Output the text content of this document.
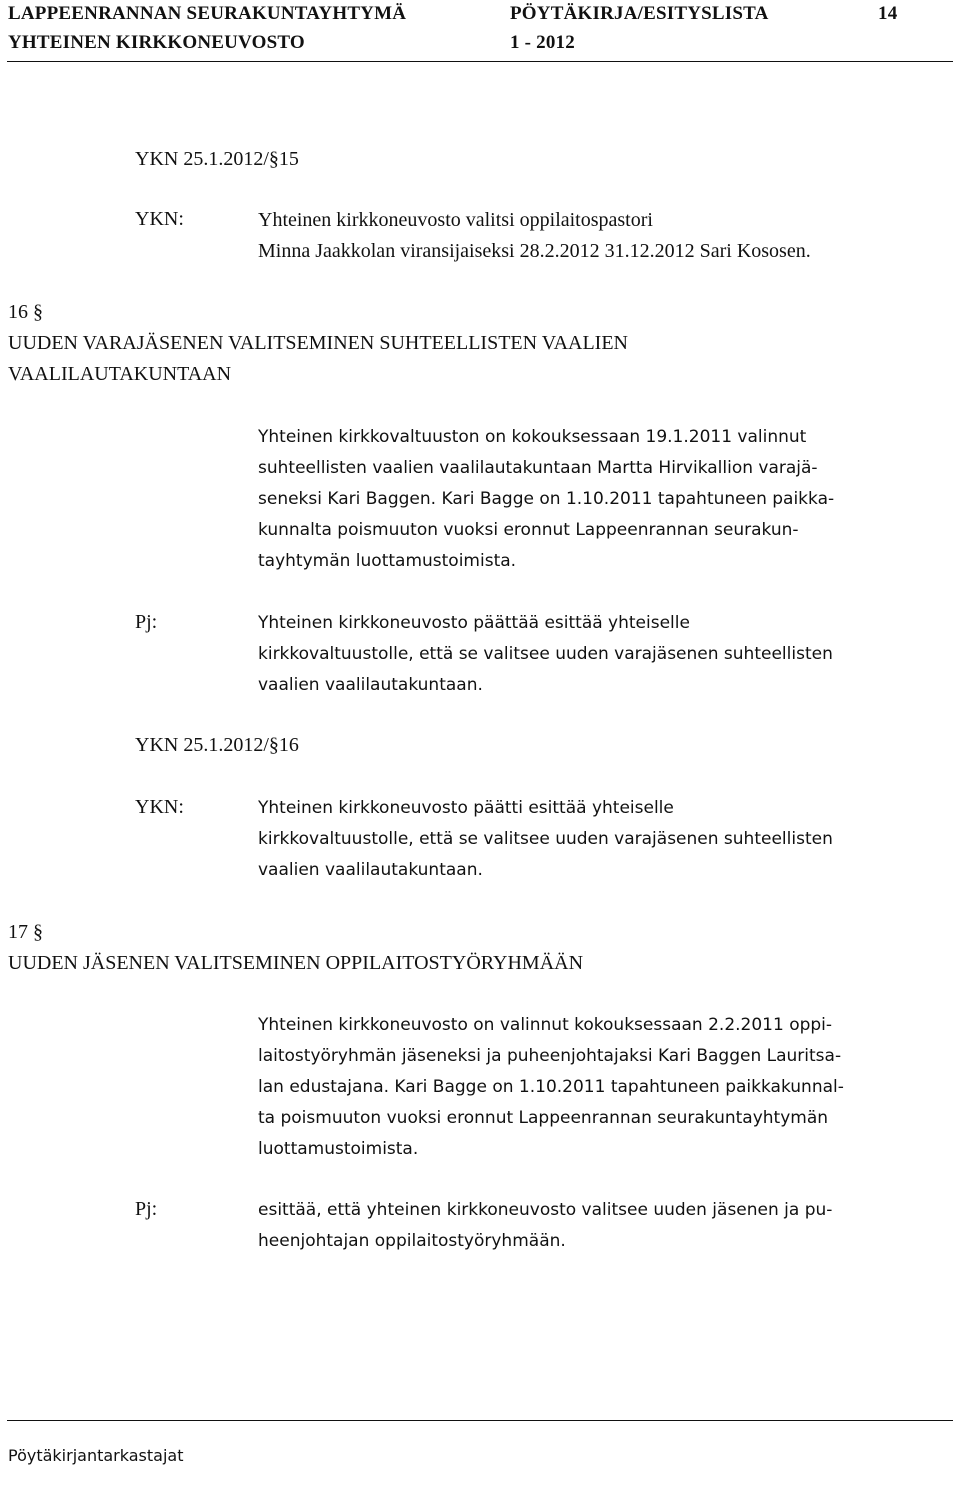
LAPPEENRANNAN SEURAKUNTAYHTYMÄ
YHTEINEN KIRKKONEUVOSTO
PÖYTÄKIRJA/ESITYSLISTA
1 - 2012
14
YKN 25.1.2012/§15
YKN:	Yhteinen kirkkoneuvosto valitsi oppilaitospastori
Minna Jaakkolan viransijaiseksi 28.2.2012 31.12.2012 Sari Kososen.
16 §
UUDEN VARAJÄSENEN VALITSEMINEN SUHTEELLISTEN VAALIEN
VAALILAUTAKUNTAAN
Yhteinen kirkkovaltuuston on kokouksessaan 19.1.2011 valinnut
suhteellisten vaalien vaalilautakuntaan Martta Hirvikallion varajä-
seneksi Kari Baggen. Kari Bagge on 1.10.2011 tapahtuneen paikka-
kunnalta poismuuton vuoksi eronnut Lappeenrannan seurakun-
tayhtymän luottamustoimista.
Pj:	Yhteinen kirkkoneuvosto päättää esittää yhteiselle
kirkkovaltuustolle, että se valitsee uuden varajäsenen suhteellisten
vaalien vaalilautakuntaan.
YKN 25.1.2012/§16
YKN:	Yhteinen kirkkoneuvosto päätti esittää yhteiselle
kirkkovaltuustolle, että se valitsee uuden varajäsenen suhteellisten
vaalien vaalilautakuntaan.
17 §
UUDEN JÄSENEN VALITSEMINEN OPPILAITOSTYÖRYHMÄÄN
Yhteinen kirkkoneuvosto on valinnut kokouksessaan 2.2.2011 oppi-
laitostyöryhmän jäseneksi ja puheenjohtajaksi Kari Baggen Lauritsa-
lan edustajana. Kari Bagge on 1.10.2011 tapahtuneen paikkakunnal-
ta poismuuton vuoksi eronnut Lappeenrannan seurakuntayhtymän
luottamustoimista.
Pj:	esittää, että yhteinen kirkkoneuvosto valitsee uuden jäsenen ja pu-
heenjohtajan oppilaitostyöryhmään.
Pöytäkirjantarkastajat
